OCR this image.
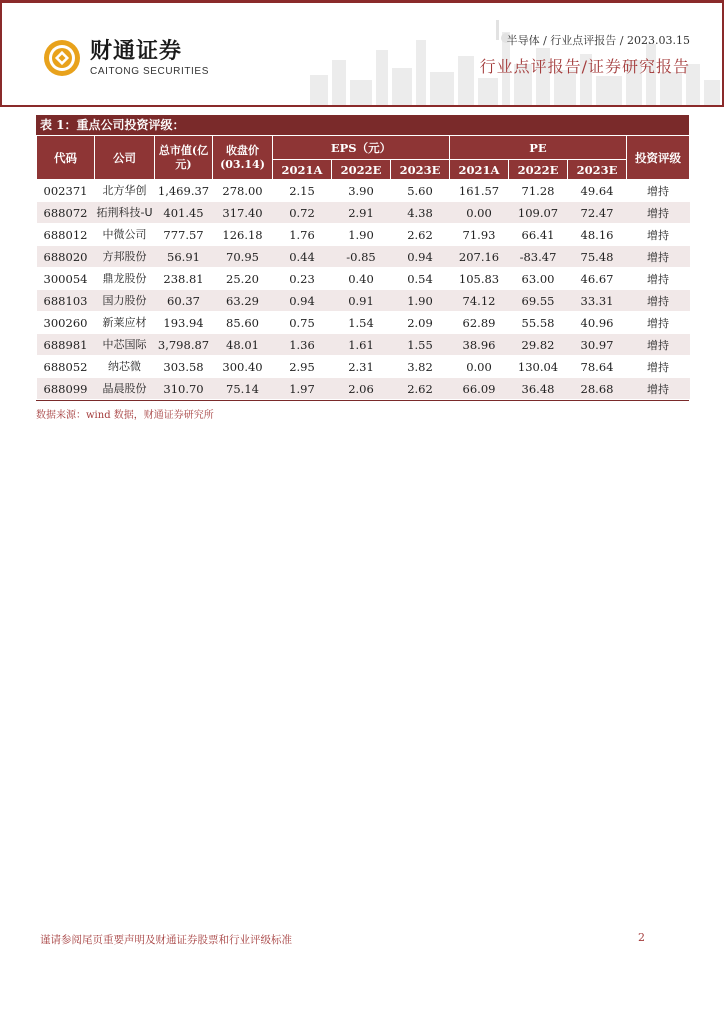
财通证券
CAITONG SECURITIES
半导体 / 行业点评报告 / 2023.03.15
行业点评报告/证券研究报告
表 1：重点公司投资评级：
代码	公司	总市值(亿元)	收盘价(03.14)	EPS（元）			PE			投资评级
				2021A	2022E	2023E	2021A	2022E	2023E	
002371	北方华创	1,469.37	278.00	2.15	3.90	5.60	161.57	71.28	49.64	增持
688072	拓荆科技-U	401.45	317.40	0.72	2.91	4.38	0.00	109.07	72.47	增持
688012	中微公司	777.57	126.18	1.76	1.90	2.62	71.93	66.41	48.16	增持
688020	方邦股份	56.91	70.95	0.44	-0.85	0.94	207.16	-83.47	75.48	增持
300054	鼎龙股份	238.81	25.20	0.23	0.40	0.54	105.83	63.00	46.67	增持
688103	国力股份	60.37	63.29	0.94	0.91	1.90	74.12	69.55	33.31	增持
300260	新莱应材	193.94	85.60	0.75	1.54	2.09	62.89	55.58	40.96	增持
688981	中芯国际	3,798.87	48.01	1.36	1.61	1.55	38.96	29.82	30.97	增持
688052	纳芯微	303.58	300.40	2.95	2.31	3.82	0.00	130.04	78.64	增持
688099	晶晨股份	310.70	75.14	1.97	2.06	2.62	66.09	36.48	28.68	增持
数据来源：wind 数据，财通证券研究所
谨请参阅尾页重要声明及财通证券股票和行业评级标准	2
